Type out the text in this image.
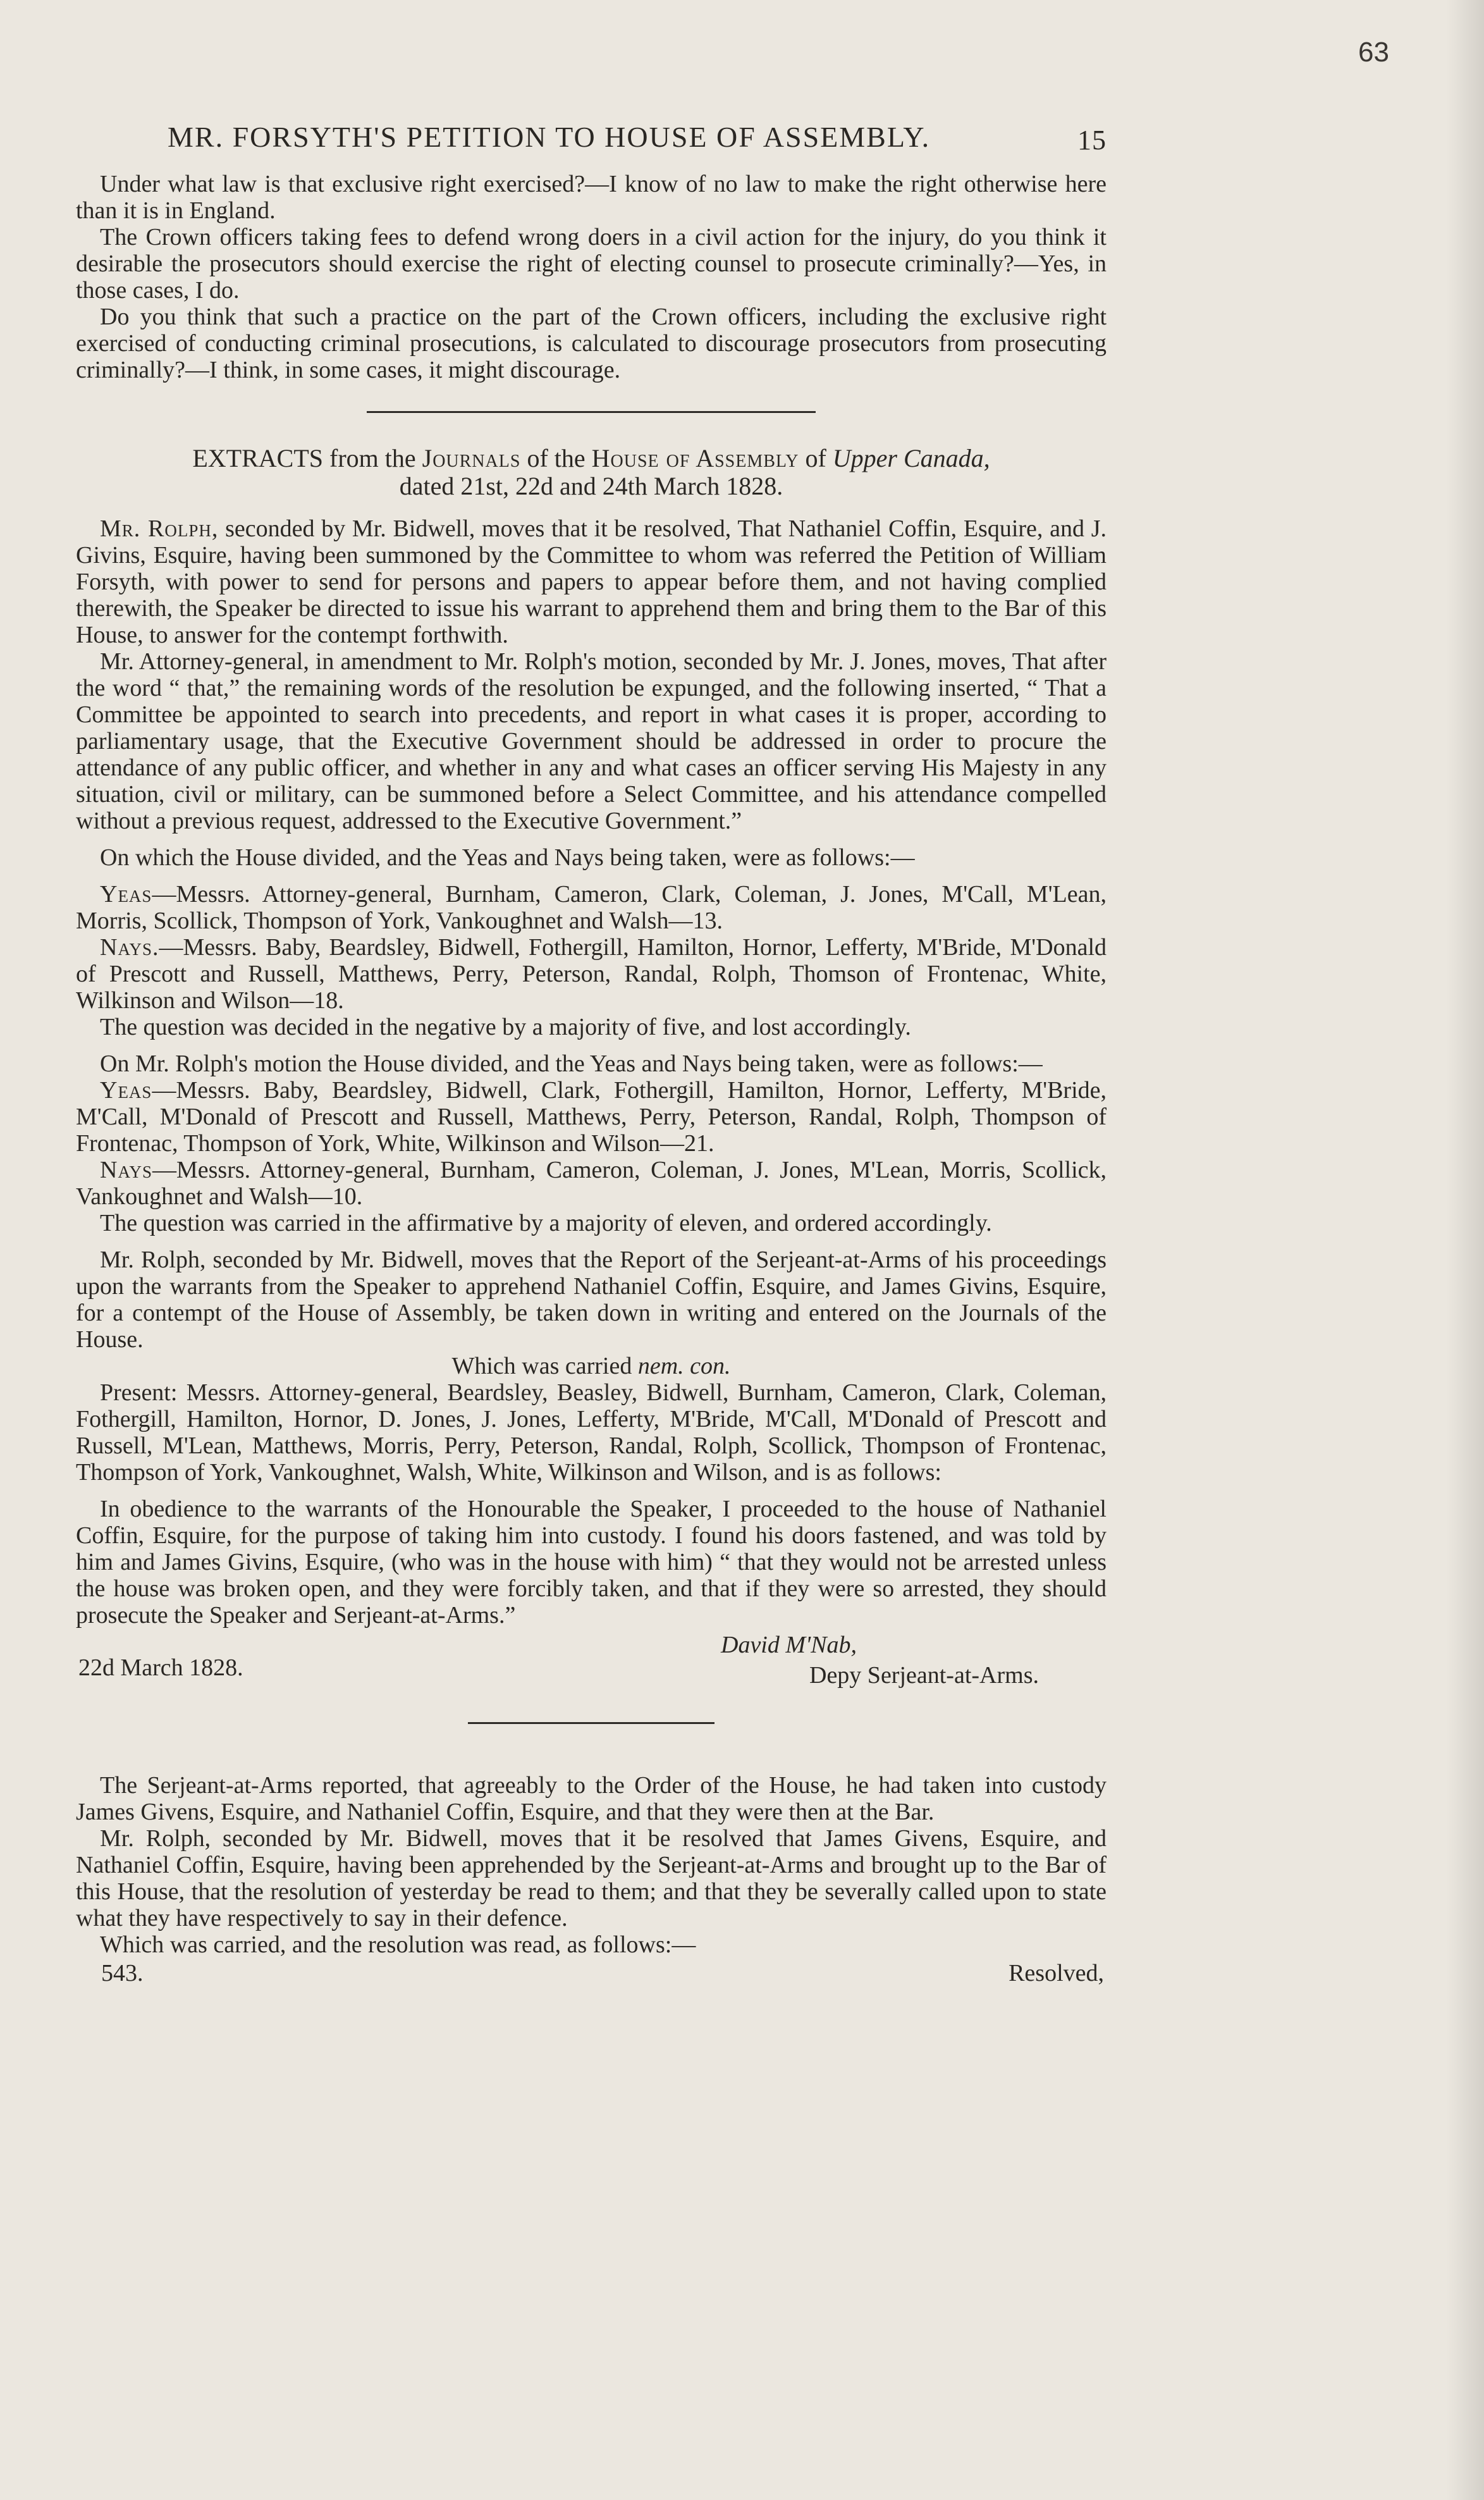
63
MR. FORSYTH'S PETITION TO HOUSE OF ASSEMBLY.	15

Under what law is that exclusive right exercised?—I know of no law to make the right otherwise here than it is in England.

The Crown officers taking fees to defend wrong doers in a civil action for the injury, do you think it desirable the prosecutors should exercise the right of electing counsel to prosecute criminally?—Yes, in those cases, I do.

Do you think that such a practice on the part of the Crown officers, including the exclusive right exercised of conducting criminal prosecutions, is calculated to discourage prosecutors from prosecuting criminally?—I think, in some cases, it might discourage.

EXTRACTS from the Journals of the House of Assembly of Upper Canada,
dated 21st, 22d and 24th March 1828.

Mr. Rolph, seconded by Mr. Bidwell, moves that it be resolved, That Nathaniel Coffin, Esquire, and J. Givins, Esquire, having been summoned by the Committee to whom was referred the Petition of William Forsyth, with power to send for persons and papers to appear before them, and not having complied therewith, the Speaker be directed to issue his warrant to apprehend them and bring them to the Bar of this House, to answer for the contempt forthwith.

Mr. Attorney-general, in amendment to Mr. Rolph's motion, seconded by Mr. J. Jones, moves, That after the word “ that,” the remaining words of the resolution be expunged, and the following inserted, “ That a Committee be appointed to search into precedents, and report in what cases it is proper, according to parliamentary usage, that the Executive Government should be addressed in order to procure the attendance of any public officer, and whether in any and what cases an officer serving His Majesty in any situation, civil or military, can be summoned before a Select Committee, and his attendance compelled without a previous request, addressed to the Executive Government.”

On which the House divided, and the Yeas and Nays being taken, were as follows:—

Yeas—Messrs. Attorney-general, Burnham, Cameron, Clark, Coleman, J. Jones, M'Call, M'Lean, Morris, Scollick, Thompson of York, Vankoughnet and Walsh—13.

Nays.—Messrs. Baby, Beardsley, Bidwell, Fothergill, Hamilton, Hornor, Lefferty, M'Bride, M'Donald of Prescott and Russell, Matthews, Perry, Peterson, Randal, Rolph, Thomson of Frontenac, White, Wilkinson and Wilson—18.

The question was decided in the negative by a majority of five, and lost accordingly.

On Mr. Rolph's motion the House divided, and the Yeas and Nays being taken, were as follows:—

Yeas—Messrs. Baby, Beardsley, Bidwell, Clark, Fothergill, Hamilton, Hornor, Lefferty, M'Bride, M'Call, M'Donald of Prescott and Russell, Matthews, Perry, Peterson, Randal, Rolph, Thompson of Frontenac, Thompson of York, White, Wilkinson and Wilson—21.

Nays—Messrs. Attorney-general, Burnham, Cameron, Coleman, J. Jones, M'Lean, Morris, Scollick, Vankoughnet and Walsh—10.

The question was carried in the affirmative by a majority of eleven, and ordered accordingly.

Mr. Rolph, seconded by Mr. Bidwell, moves that the Report of the Serjeant-at-Arms of his proceedings upon the warrants from the Speaker to apprehend Nathaniel Coffin, Esquire, and James Givins, Esquire, for a contempt of the House of Assembly, be taken down in writing and entered on the Journals of the House.

Which was carried nem. con.

Present: Messrs. Attorney-general, Beardsley, Beasley, Bidwell, Burnham, Cameron, Clark, Coleman, Fothergill, Hamilton, Hornor, D. Jones, J. Jones, Lefferty, M'Bride, M'Call, M'Donald of Prescott and Russell, M'Lean, Matthews, Morris, Perry, Peterson, Randal, Rolph, Scollick, Thompson of Frontenac, Thompson of York, Vankoughnet, Walsh, White, Wilkinson and Wilson, and is as follows:

In obedience to the warrants of the Honourable the Speaker, I proceeded to the house of Nathaniel Coffin, Esquire, for the purpose of taking him into custody. I found his doors fastened, and was told by him and James Givins, Esquire, (who was in the house with him) “ that they would not be arrested unless the house was broken open, and they were forcibly taken, and that if they were so arrested, they should prosecute the Speaker and Serjeant-at-Arms.”

22d March 1828.
David M'Nab,
Depy Serjeant-at-Arms.

The Serjeant-at-Arms reported, that agreeably to the Order of the House, he had taken into custody James Givens, Esquire, and Nathaniel Coffin, Esquire, and that they were then at the Bar.

Mr. Rolph, seconded by Mr. Bidwell, moves that it be resolved that James Givens, Esquire, and Nathaniel Coffin, Esquire, having been apprehended by the Serjeant-at-Arms and brought up to the Bar of this House, that the resolution of yesterday be read to them; and that they be severally called upon to state what they have respectively to say in their defence.

Which was carried, and the resolution was read, as follows:—

543.	Resolved,
